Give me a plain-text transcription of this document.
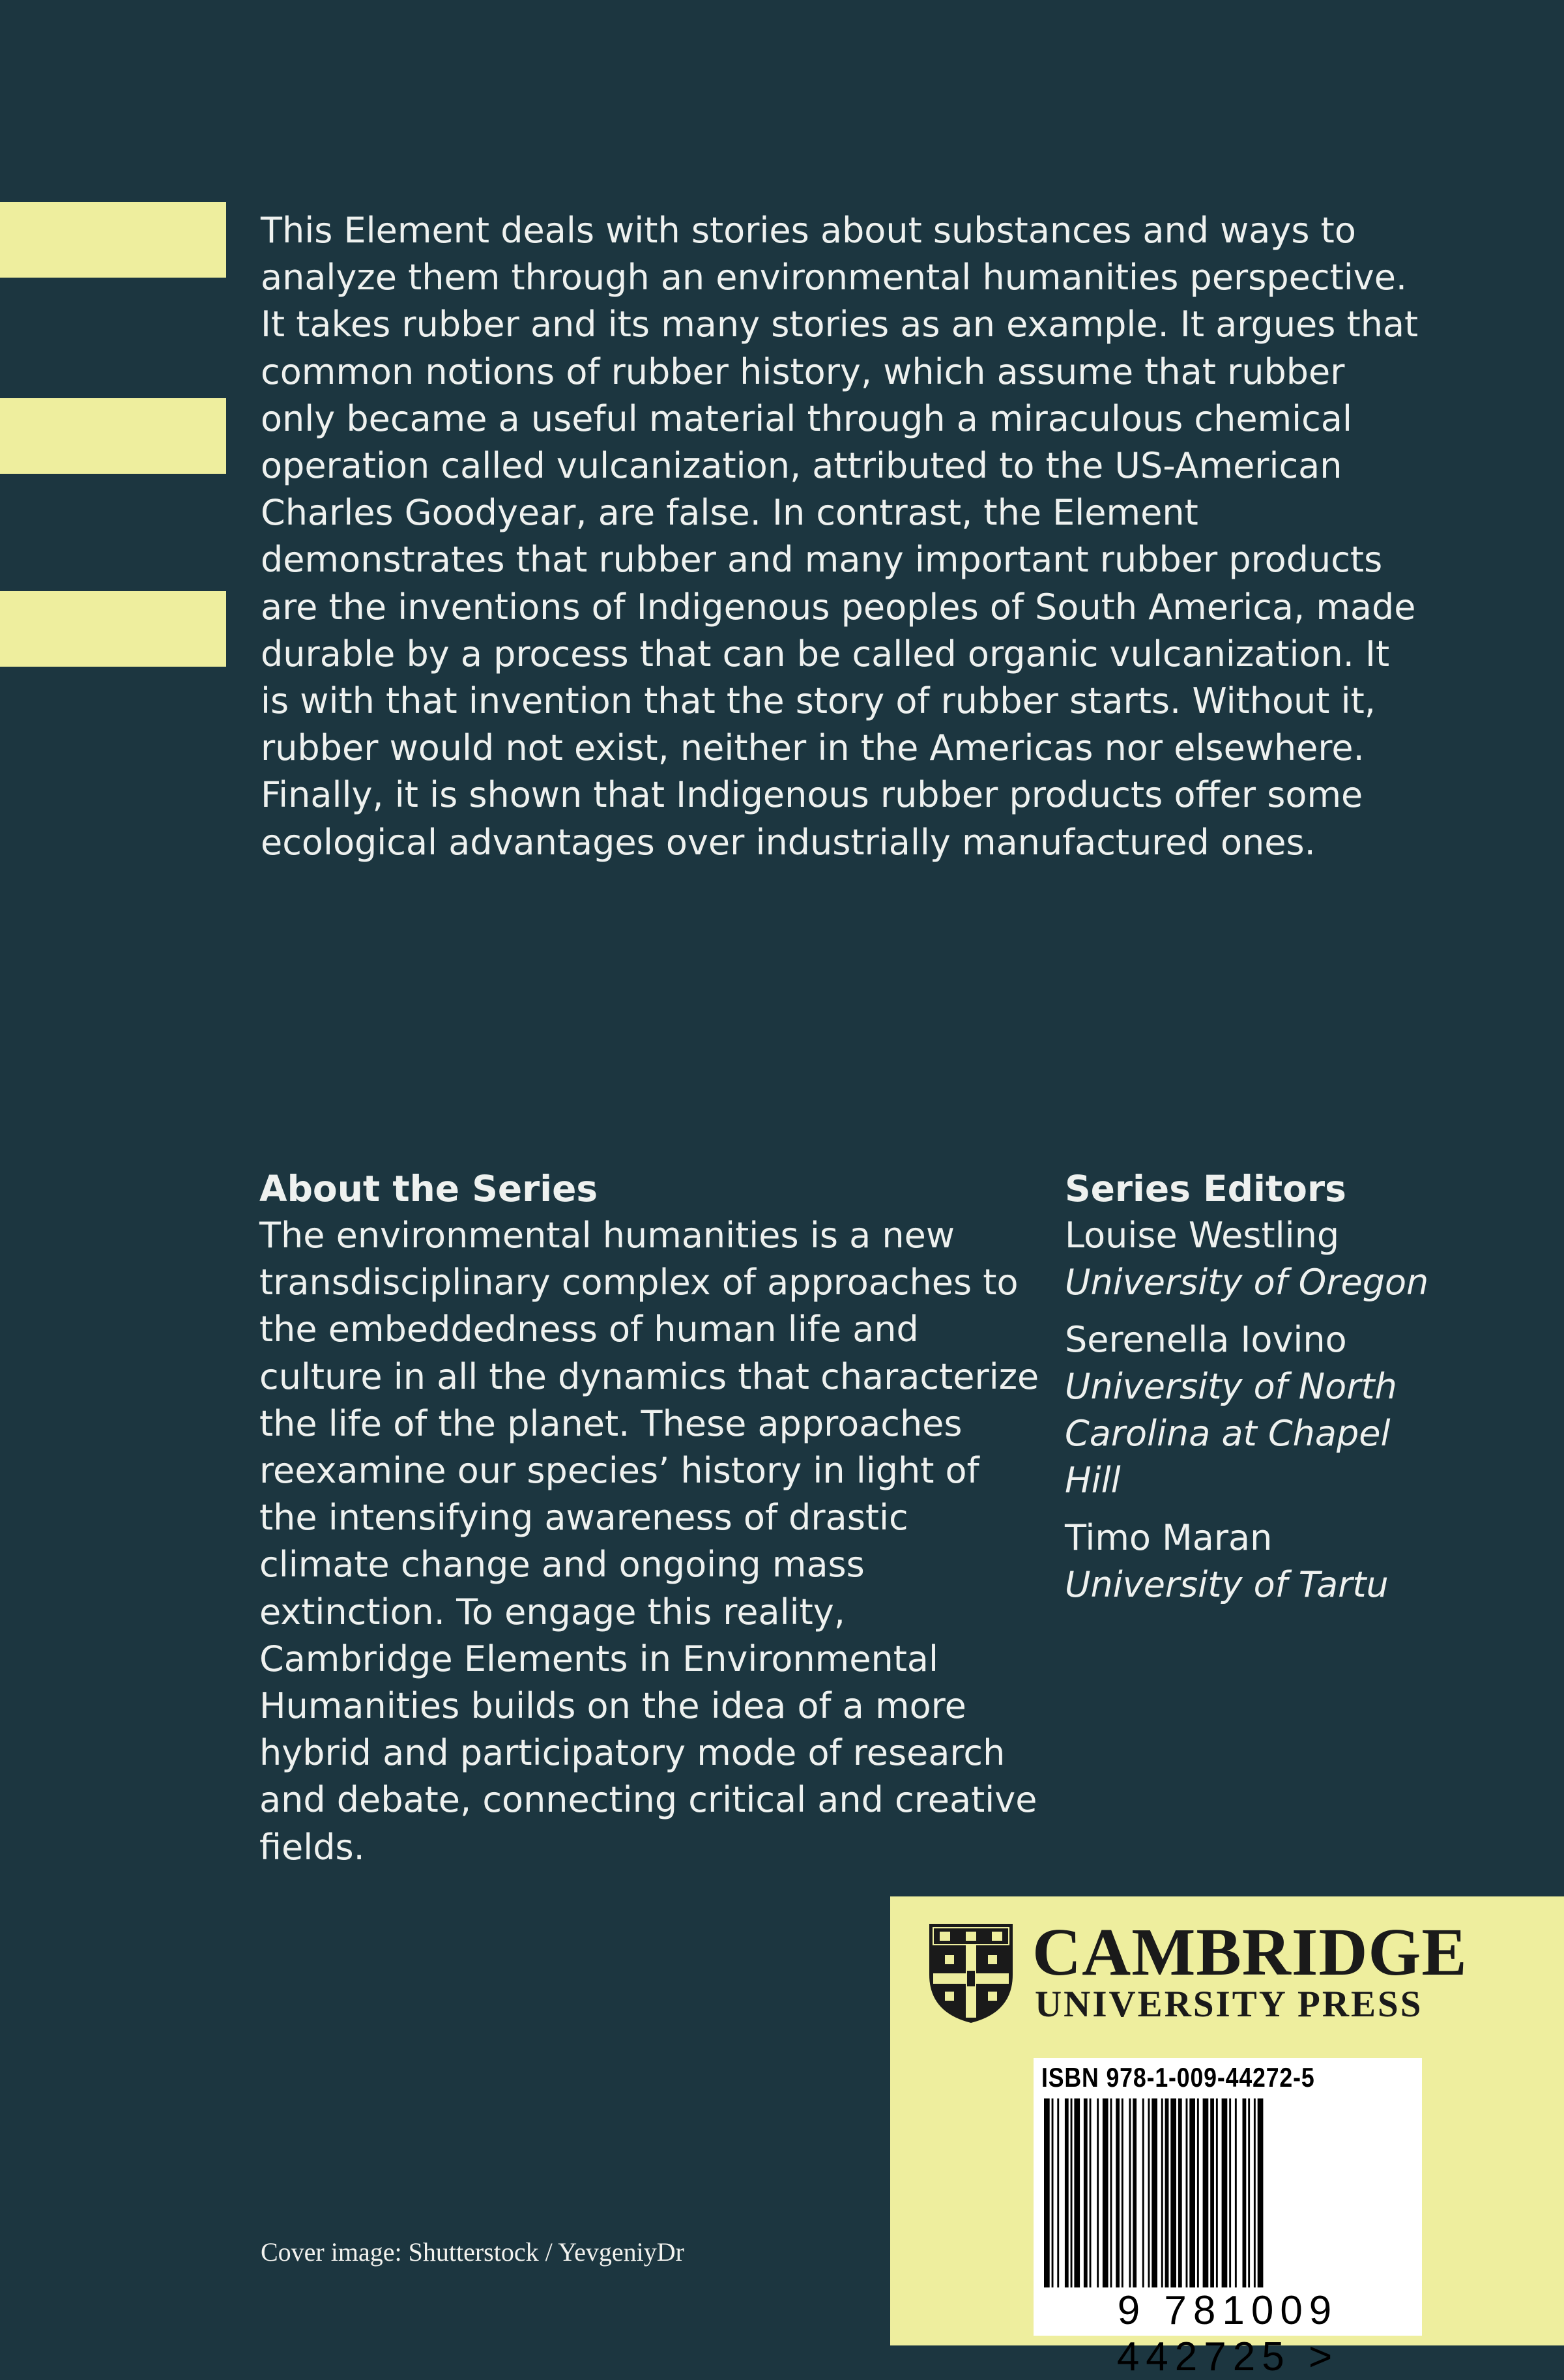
This Element deals with stories about substances and ways to analyze them through an environmental humanities perspective. It takes rubber and its many stories as an example. It argues that common notions of rubber history, which assume that rubber only became a useful material through a miraculous chemical operation called vulcanization, attributed to the US-American Charles Goodyear, are false. In contrast, the Element demonstrates that rubber and many important rubber products are the inventions of Indigenous peoples of South America, made durable by a process that can be called organic vulcanization. It is with that invention that the story of rubber starts. Without it, rubber would not exist, neither in the Americas nor elsewhere. Finally, it is shown that Indigenous rubber products offer some ecological advantages over industrially manufactured ones.

About the Series

The environmental humanities is a new transdisciplinary complex of approaches to the embeddedness of human life and culture in all the dynamics that characterize the life of the planet. These approaches reexamine our species’ history in light of the intensifying awareness of drastic climate change and ongoing mass extinction. To engage this reality, Cambridge Elements in Environmental Humanities builds on the idea of a more hybrid and participatory mode of research and debate, connecting critical and creative fields.

Series Editors
Louise Westling
University of Oregon
Serenella Iovino
University of North Carolina at Chapel Hill
Timo Maran
University of Tartu
Cover image: Shutterstock / YevgeniyDr
CAMBRIDGE
UNIVERSITY PRESS
ISBN 978-1-009-44272-5
9 781009 442725 >
